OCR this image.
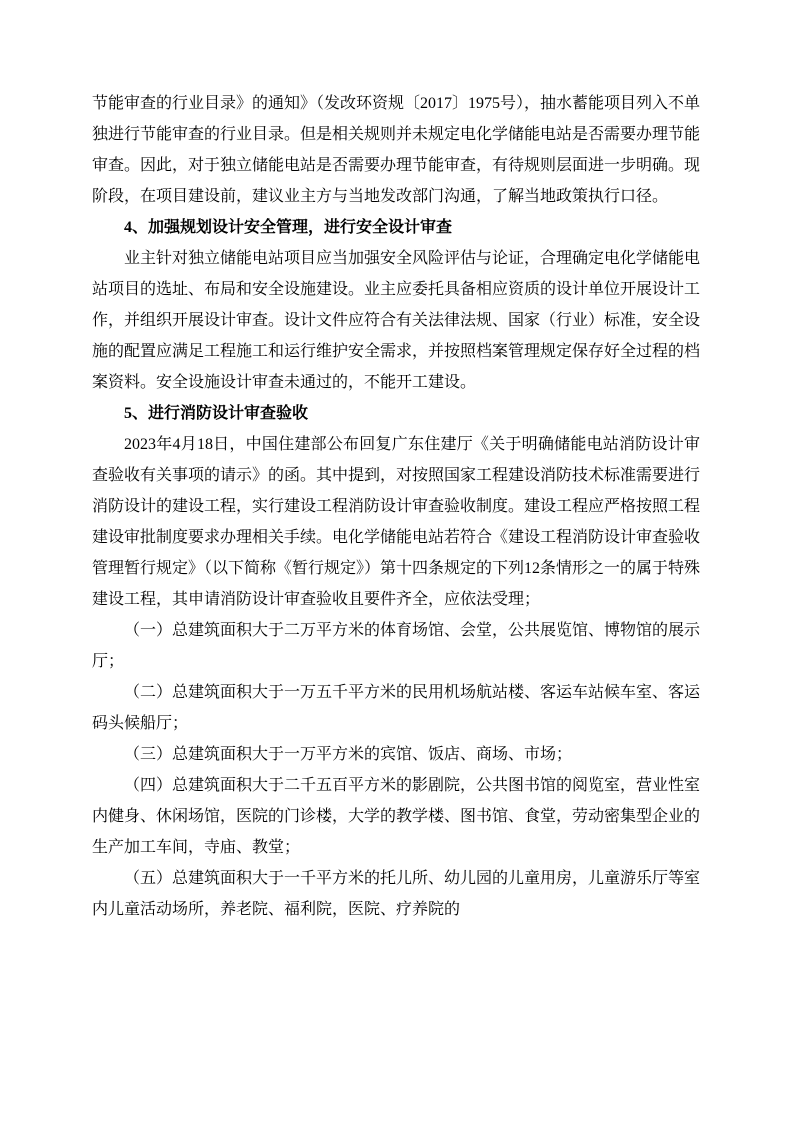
节能审查的行业目录》的通知》（发改环资规〔2017〕1975号），抽水蓄能项目列入不单独进行节能审查的行业目录。但是相关规则并未规定电化学储能电站是否需要办理节能审查。因此，对于独立储能电站是否需要办理节能审查，有待规则层面进一步明确。现阶段，在项目建设前，建议业主方与当地发改部门沟通，了解当地政策执行口径。

4、加强规划设计安全管理，进行安全设计审查

业主针对独立储能电站项目应当加强安全风险评估与论证，合理确定电化学储能电站项目的选址、布局和安全设施建设。业主应委托具备相应资质的设计单位开展设计工作，并组织开展设计审查。设计文件应符合有关法律法规、国家（行业）标准，安全设施的配置应满足工程施工和运行维护安全需求，并按照档案管理规定保存好全过程的档案资料。安全设施设计审查未通过的，不能开工建设。

5、进行消防设计审查验收

2023年4月18日，中国住建部公布回复广东住建厅《关于明确储能电站消防设计审查验收有关事项的请示》的函。其中提到，对按照国家工程建设消防技术标准需要进行消防设计的建设工程，实行建设工程消防设计审查验收制度。建设工程应严格按照工程建设审批制度要求办理相关手续。电化学储能电站若符合《建设工程消防设计审查验收管理暂行规定》（以下简称《暂行规定》）第十四条规定的下列12条情形之一的属于特殊建设工程，其申请消防设计审查验收且要件齐全，应依法受理；

（一）总建筑面积大于二万平方米的体育场馆、会堂，公共展览馆、博物馆的展示厅；

（二）总建筑面积大于一万五千平方米的民用机场航站楼、客运车站候车室、客运码头候船厅；

（三）总建筑面积大于一万平方米的宾馆、饭店、商场、市场；

（四）总建筑面积大于二千五百平方米的影剧院，公共图书馆的阅览室，营业性室内健身、休闲场馆，医院的门诊楼，大学的教学楼、图书馆、食堂，劳动密集型企业的生产加工车间，寺庙、教堂；

（五）总建筑面积大于一千平方米的托儿所、幼儿园的儿童用房，儿童游乐厅等室内儿童活动场所，养老院、福利院，医院、疗养院的
